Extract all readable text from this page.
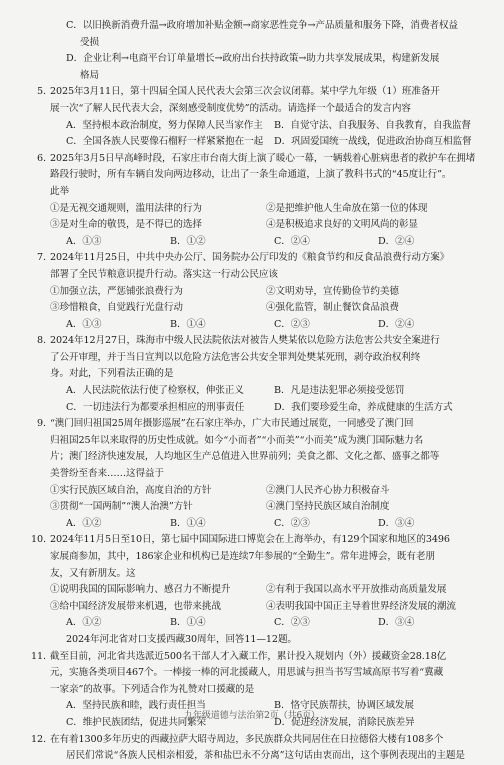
C．以旧换新消费升温→政府增加补贴金额→商家恶性竞争→产品质量和服务下降，消费者权益
受损
D．企业让利→电商平台订单量增长→政府出台扶持政策→助力共享发展成果，构建新发展
格局
5. 2025年3月11日，第十四届全国人民代表大会第三次会议闭幕。某中学九年级（1）班准备开
展一次“了解人民代表大会，深刻感受制度优势”的活动。请选择一个最适合的发言内容
A．坚持根本政治制度，努力保障人民当家作主	B．自觉守法、自我服务、自我教育，自我监督
C．全国各族人民要像石榴籽一样紧紧抱在一起	D．巩固爱国统一战线，促进政治协商互相监督
6. 2025年3月5日早高峰时段，石家庄市台南大街上演了暖心一幕，一辆载着心脏病患者的救护车在拥堵
路段行驶时，所有车辆自发向两边移动，让出了一条生命通道，上演了教科书式的“45度让行”。
此举
①是无视交通规则，滥用法律的行为	②是把维护他人生命放在第一位的体现
③是对生命的敬畏，是不得已的选择	④是积极追求良好的文明风尚的彰显
A．①③	B．①②	C．②④	D．②④
7. 2024年11月25日，中共中央办公厅、国务院办公厅印发的《粮食节约和反食品浪费行动方案》
部署了全民节粮意识提升行动。落实这一行动公民应该
①加强立法，严惩铺张浪费行为	②文明劝导，宣传勤俭节约美德
③珍惜粮食，自觉践行光盘行动	④强化监管，制止餐饮食品浪费
A．①③	B．①④	C．②③	D．②④
8. 2024年12月27日，珠海市中级人民法院依法对被告人樊某依以危险方法危害公共安全案进行
了公开审理，并于当日宣判以以危险方法危害公共安全罪判处樊某死刑，剥夺政治权利终
身。对此，下列看法正确的是
A．人民法院依法行使了检察权，伸张正义	B．凡是违法犯罪必须接受惩罚
C．一切违法行为都要承担相应的刑事责任	D．我们要珍爱生命，养成健康的生活方式
9. “澳门回归祖国25周年摄影巡展”在石家庄举办，广大市民通过展览，一同感受了澳门回
归祖国25年以来取得的历史性成就。如今“小而者”“小而美”“小而美”成为澳门国际魅力名
片；澳门经济快速发展，人均地区生产总值进入世界前列；美食之都、文化之都、盛事之都等
美誉纷至沓来……这得益于
①实行民族区域自治，高度自治的方针	②澳门人民齐心协力积极奋斗
③贯彻“一国两制”“澳人治澳”方针	④澳门坚持民族区域自治制度
A．①②	B．①④	C．②③	D．③④
10. 2024年11月5日至10日，第七届中国国际进口博览会在上海举办，有129个国家和地区的3496
家展商参加，其中，186家企业和机构已是连续7年参展的“全勤生”。常年进博会，既有老朋
友，又有新朋友。这
①说明我国的国际影响力、感召力不断提升	②有利于我国以高水平开放推动高质量发展
③给中国经济发展带来机遇，也带来挑战	④表明我国中国正主导着世界经济发展的潮流
A．①②	B．①④	C．②③	D．③④
2024年河北省对口支援西藏30周年，回答11—12题。
11. 截至目前，河北省共选派近500名干部人才入藏工作，累计投入规划内（外）援藏资金28.18亿
元，实施各类项目467个。一棒接一棒的河北援藏人，用思诚与担当书写雪域高原书写着“冀藏
一家亲”的故事。下列适合作为礼赞对口援藏的是
A．坚持民族和睦，践行责任担当	B．恪守民族帮扶，协调区域发展
C．维护民族团结，促进共同繁荣	D．促进经济发展，消除民族差异
12. 在有着1300多年历史的西藏拉萨大昭寺周边，多民族群众共同居住在日拉德俗大楼有108多个
居民们常说“各族人民相亲相爱，茶和盐巴永不分离”这句话由衷而出，这个事例表现出的主题是
九年级道德与法治第2页（共6页）
